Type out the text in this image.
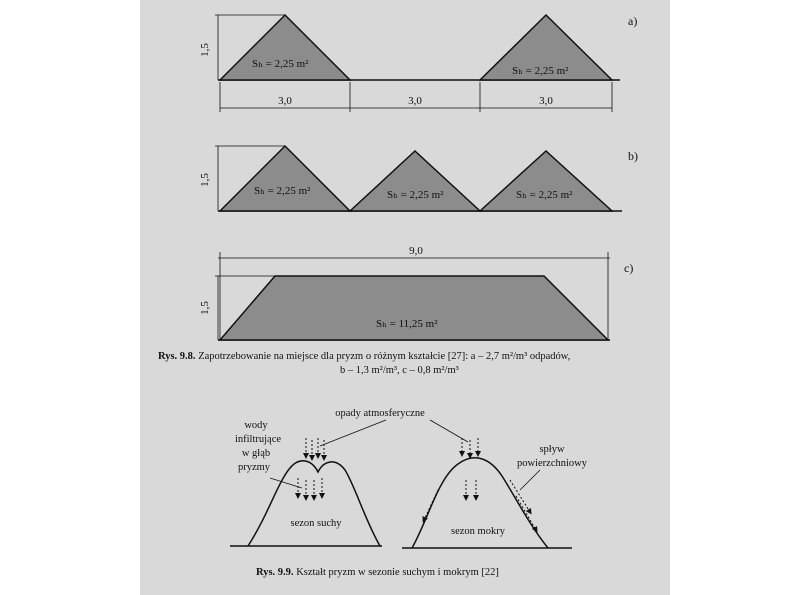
1,5
Sₕ = 2,25 m²
Sₕ = 2,25 m²
a)
3,0	3,0	3,0
1,5
Sₕ = 2,25 m²	Sₕ = 2,25 m²	Sₕ = 2,25 m²
b)
9,0
1,5
Sₕ = 11,25 m²
c)
wody
infiltrujące
w głąb
pryzmy
opady atmosferyczne
spływ
powierzchniowy
sezon suchy
sezon mokry
Rys. 9.8. Zapotrzebowanie na miejsce dla pryzm o różnym kształcie [27]: a – 2,7 m²/m³ odpadów,
b – 1,3 m²/m³, c – 0,8 m²/m³
Rys. 9.9. Kształt pryzm w sezonie suchym i mokrym [22]
